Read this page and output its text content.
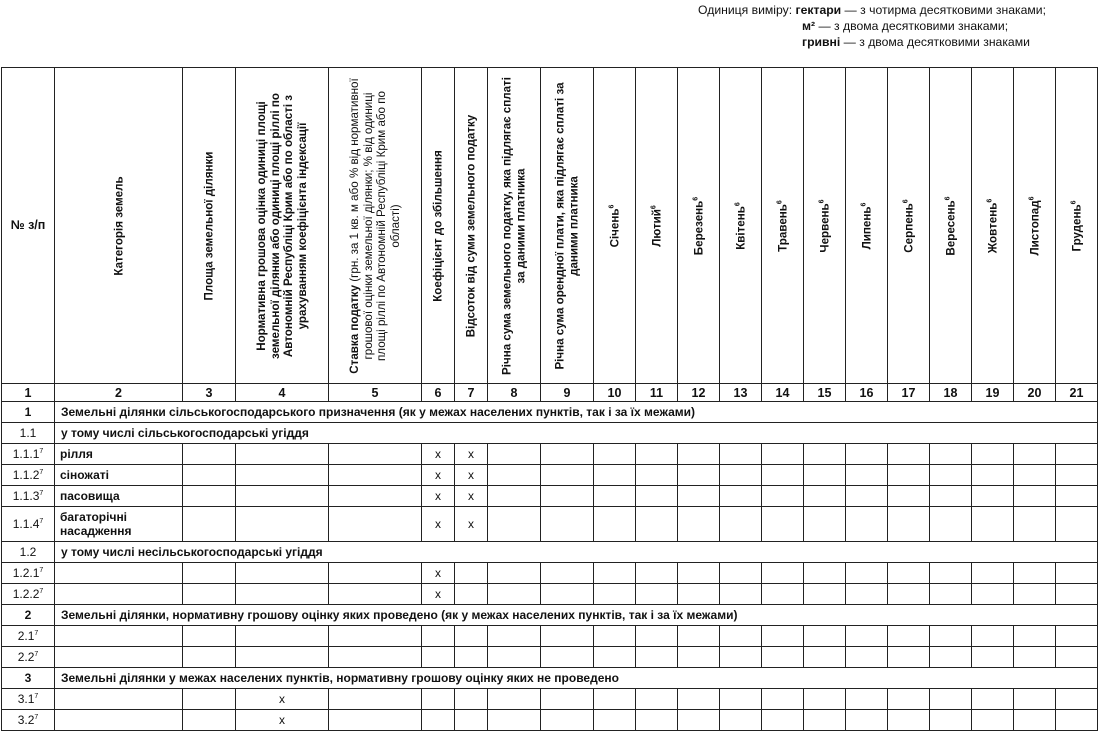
Одиниця виміру: гектари — з чотирма десятковими знаками;
м² — з двома десятковими знаками;
гривні — з двома десятковими знаками
№ з/п	Категорія земель	Площа земельної ділянки	Нормативна грошова оцінка одиниці площі земельної ділянки або одиниці площі ріллі по Автономній Республіці Крим або по області з урахуванням коефіцієнта індексації	Ставка податку (грн. за 1 кв. м або % від нормативної грошової оцінки земельної ділянки; % від одиниці площі ріллі по Автономній Республіці Крим або по області)	Коефіцієнт до збільшення	Відсоток від суми земельного податку	Річна сума земельного податку, яка підлягає сплаті за даними платника	Річна сума орендної плати, яка підлягає сплаті за даними платника	Січень$^6$	Лютий$^6$	Березень$^6$	Квітень$^6$	Травень$^6$	Червень$^6$	Липень$^6$	Серпень$^6$	Вересень$^6$	Жовтень$^6$	Листопад$^6$	Грудень$^6$

1	2	3	4	5	6	7	8	9	10	11	12	13	14	15	16	17	18	19	20	21
1	Земельні ділянки сільськогосподарського призначення (як у межах населених пунктів, так і за їх межами)																			
1.1	у тому числі сільськогосподарські угіддя																			
1.1.1$^7$	рілля				x	x														
1.1.2$^7$	сіножаті				x	x														
1.1.3$^7$	пасовища				x	x														
1.1.4$^7$	багаторічні насадження				x	x														
1.2	у тому числі несільськогосподарські угіддя																			
1.2.1$^7$					x															
1.2.2$^7$					x															
2	Земельні ділянки, нормативну грошову оцінку яких проведено (як у межах населених пунктів, так і за їх межами)																			
$2.1^7$																				
$2.2^7$																				
3	Земельні ділянки у межах населених пунктів, нормативну грошову оцінку яких не проведено																			
$3.1^7$			x																	
$3.2^7$			x																	
